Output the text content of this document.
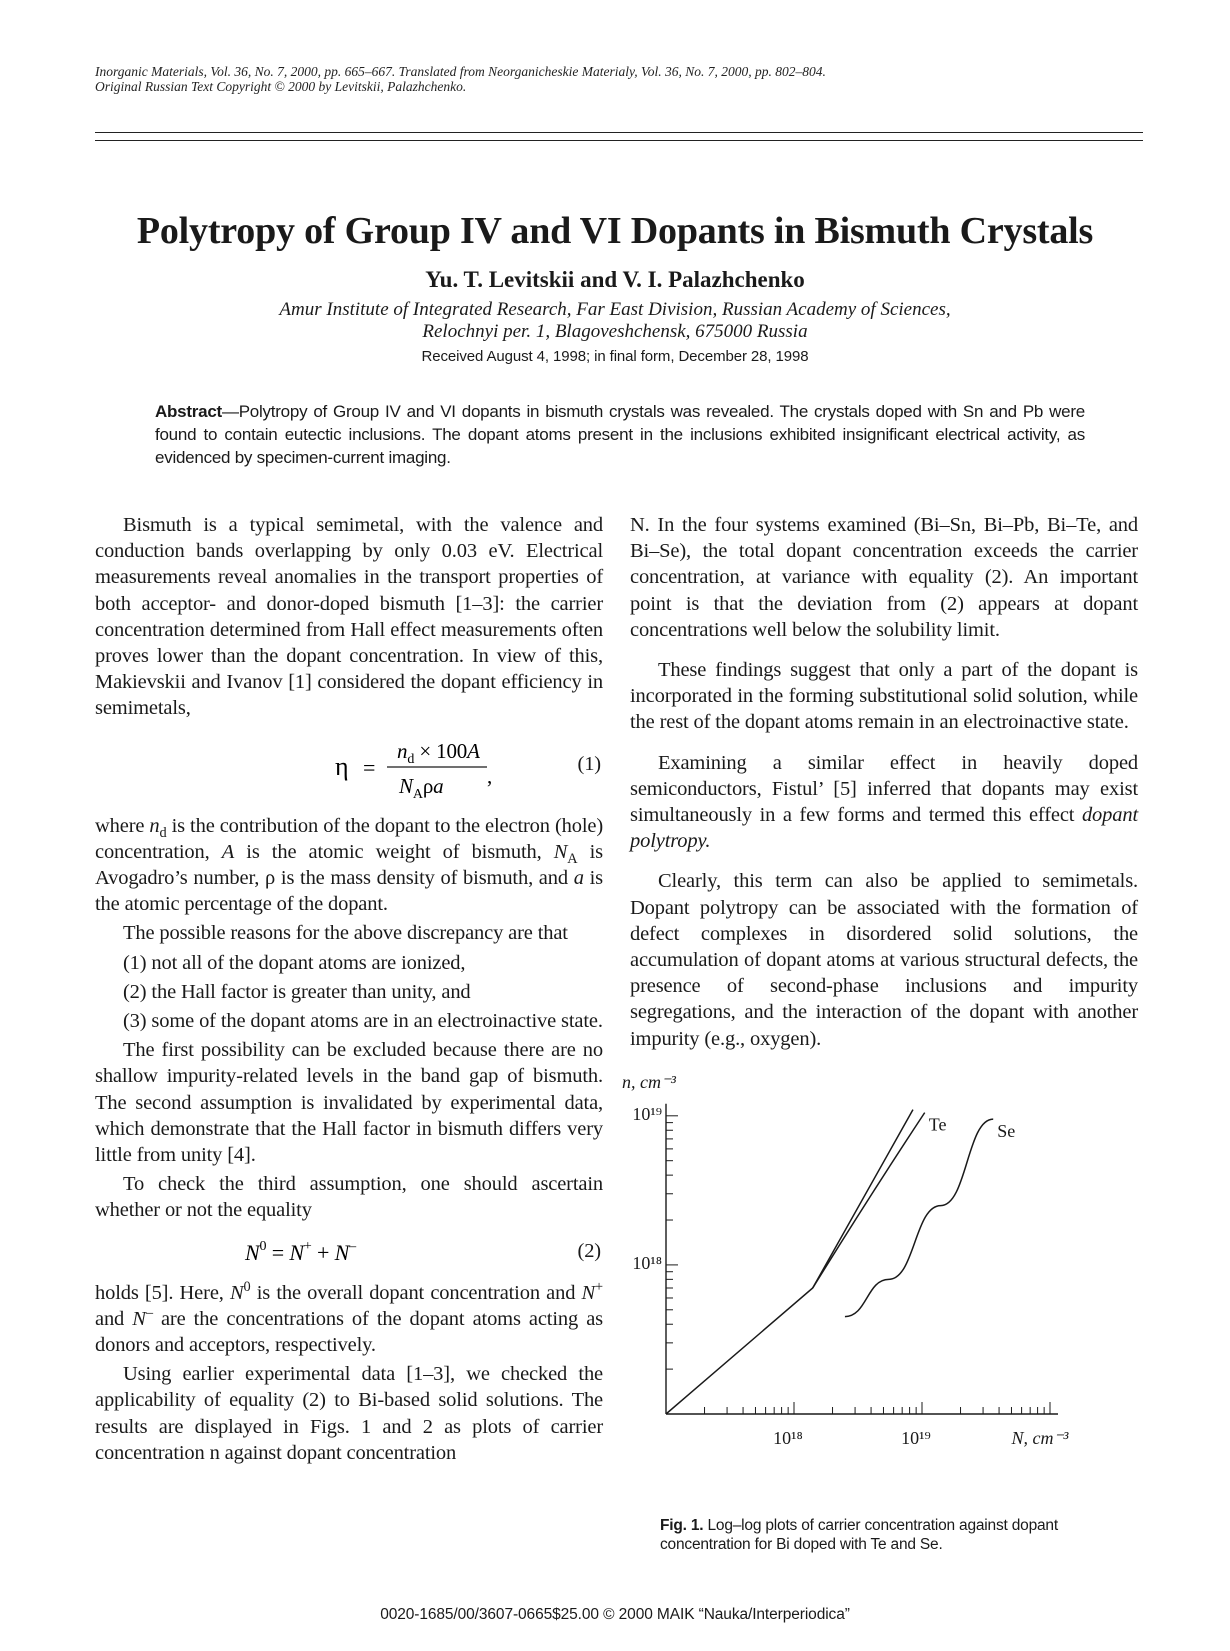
Inorganic Materials, Vol. 36, No. 7, 2000, pp. 665–667. Translated from Neorganicheskie Materialy, Vol. 36, No. 7, 2000, pp. 802–804.
Original Russian Text Copyright © 2000 by Levitskii, Palazhchenko.
Polytropy of Group IV and VI Dopants in Bismuth Crystals
Yu. T. Levitskii and V. I. Palazhchenko
Amur Institute of Integrated Research, Far East Division, Russian Academy of Sciences,
Relochnyi per. 1, Blagoveshchensk, 675000 Russia
Received August 4, 1998; in final form, December 28, 1998
Abstract—Polytropy of Group IV and VI dopants in bismuth crystals was revealed. The crystals doped with Sn and Pb were found to contain eutectic inclusions. The dopant atoms present in the inclusions exhibited insignificant electrical activity, as evidenced by specimen-current imaging.

Bismuth is a typical semimetal, with the valence and conduction bands overlapping by only 0.03 eV. Electrical measurements reveal anomalies in the transport properties of both acceptor- and donor-doped bismuth [1–3]: the carrier concentration determined from Hall effect measurements often proves lower than the dopant concentration. In view of this, Makievskii and Ivanov [1] considered the dopant efficiency in semimetals,

η =
$n_d \times 100A$
$N_A\rho a$ ,	(1)

where $n_d$ is the contribution of the dopant to the electron (hole) concentration, A is the atomic weight of bismuth, $N_A$ is Avogadro’s number, ρ is the mass density of bismuth, and a is the atomic percentage of the dopant.

The possible reasons for the above discrepancy are that

(1) not all of the dopant atoms are ionized,

(2) the Hall factor is greater than unity, and

(3) some of the dopant atoms are in an electroinactive state.

The first possibility can be excluded because there are no shallow impurity-related levels in the band gap of bismuth. The second assumption is invalidated by experimental data, which demonstrate that the Hall factor in bismuth differs very little from unity [4].

To check the third assumption, one should ascertain whether or not the equality

$N^0 = N^+ + N^-$	(2)

holds [5]. Here, $N^0$ is the overall dopant concentration and N+ and N– are the concentrations of the dopant atoms acting as donors and acceptors, respectively.

Using earlier experimental data [1–3], we checked the applicability of equality (2) to Bi-based solid solutions. The results are displayed in Figs. 1 and 2 as plots of carrier concentration n against dopant concentration

N. In the four systems examined (Bi–Sn, Bi–Pb, Bi–Te, and Bi–Se), the total dopant concentration exceeds the carrier concentration, at variance with equality (2). An important point is that the deviation from (2) appears at dopant concentrations well below the solubility limit.

These findings suggest that only a part of the dopant is incorporated in the forming substitutional solid solution, while the rest of the dopant atoms remain in an electroinactive state.

Examining a similar effect in heavily doped semiconductors, Fistul’ [5] inferred that dopants may exist simultaneously in a few forms and termed this effect dopant polytropy.

Clearly, this term can also be applied to semimetals. Dopant polytropy can be associated with the formation of defect complexes in disordered solid solutions, the accumulation of dopant atoms at various structural defects, the presence of second-phase inclusions and impurity segregations, and the interaction of the dopant with another impurity (e.g., oxygen).

Te	Se
10¹⁸	10¹⁹
10¹⁸
10¹⁹
n, cm⁻³
N, cm⁻³
Fig. 1. Log–log plots of carrier concentration against dopant concentration for Bi doped with Te and Se.
0020-1685/00/3607-0665$25.00 © 2000 MAIK “Nauka/Interperiodica”
